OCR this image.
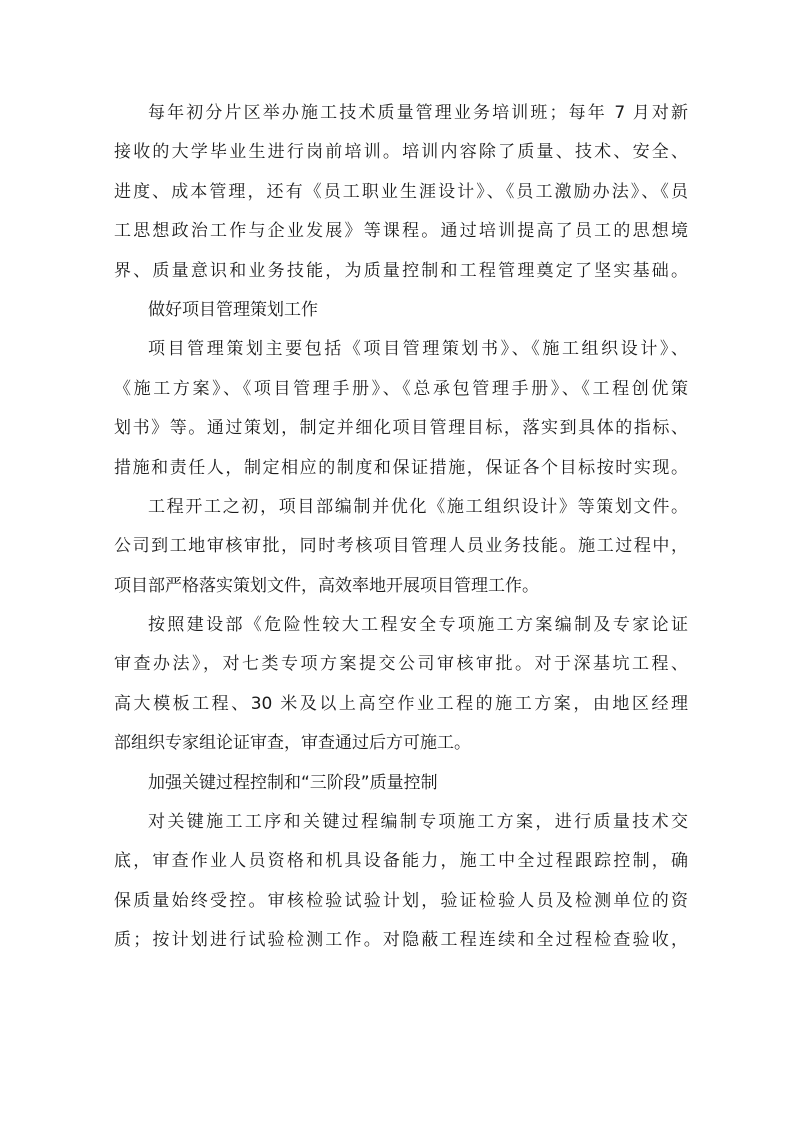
每年初分片区举办施工技术质量管理业务培训班；每年 7 月对新
接收的大学毕业生进行岗前培训。培训内容除了质量、技术、安全、
进度、成本管理，还有《员工职业生涯设计》、《员工激励办法》、《员
工思想政治工作与企业发展》等课程。通过培训提高了员工的思想境
界、质量意识和业务技能，为质量控制和工程管理奠定了坚实基础。
做好项目管理策划工作
项目管理策划主要包括《项目管理策划书》、《施工组织设计》、
《施工方案》、《项目管理手册》、《总承包管理手册》、《工程创优策
划书》等。通过策划，制定并细化项目管理目标，落实到具体的指标、
措施和责任人，制定相应的制度和保证措施，保证各个目标按时实现。
工程开工之初，项目部编制并优化《施工组织设计》等策划文件。
公司到工地审核审批，同时考核项目管理人员业务技能。施工过程中，
项目部严格落实策划文件，高效率地开展项目管理工作。
按照建设部《危险性较大工程安全专项施工方案编制及专家论证
审查办法》，对七类专项方案提交公司审核审批。对于深基坑工程、
高大模板工程、30 米及以上高空作业工程的施工方案，由地区经理
部组织专家组论证审查，审查通过后方可施工。
加强关键过程控制和“三阶段”质量控制
对关键施工工序和关键过程编制专项施工方案，进行质量技术交
底，审查作业人员资格和机具设备能力，施工中全过程跟踪控制，确
保质量始终受控。审核检验试验计划，验证检验人员及检测单位的资
质；按计划进行试验检测工作。对隐蔽工程连续和全过程检查验收，
